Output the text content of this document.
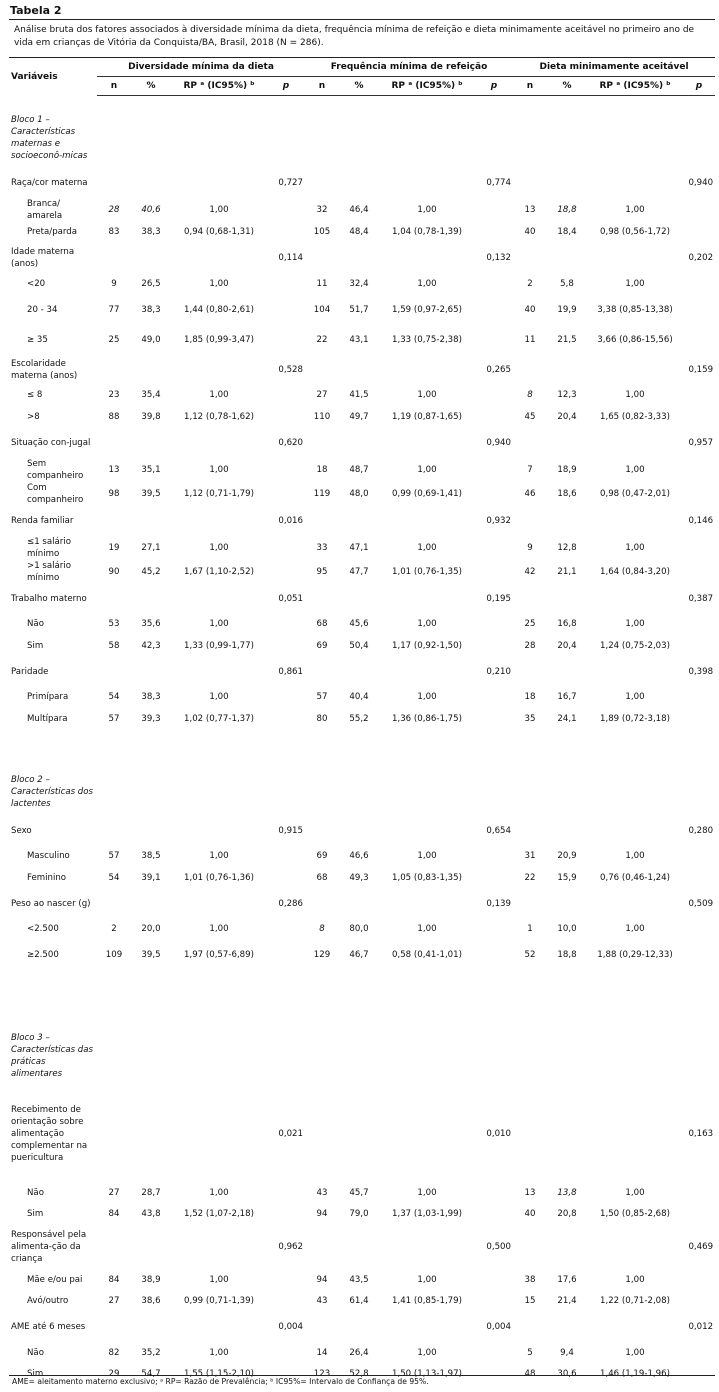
Tabela 2
Análise bruta dos fatores associados à diversidade mínima da dieta, frequência mínima de refeição e dieta minimamente aceitável no primeiro ano de vida em crianças de Vitória da Conquista/BA, Brasil, 2018 (N = 286).
Variáveis	Diversidade mínima da dieta				Frequência mínima de refeição				Dieta minimamente aceitável			
	n	%	RP ᵃ (IC95%) ᵇ	p	n	%	RP ᵃ (IC95%) ᵇ	p	n	%	RP ᵃ (IC95%) ᵇ	p
Bloco 1 – Características maternas e socioeconô-micas												
Raça/cor materna				0,727				0,774				0,940
Branca/ amarela	28	40,6	1,00		32	46,4	1,00		13	18,8	1,00	
Preta/parda	83	38,3	0,94 (0,68-1,31)		105	48,4	1,04 (0,78-1,39)		40	18,4	0,98 (0,56-1,72)	
Idade materna (anos)				0,114				0,132				0,202
<20	9	26,5	1,00		11	32,4	1,00		2	5,8	1,00	
20 - 34	77	38,3	1,44 (0,80-2,61)		104	51,7	1,59 (0,97-2,65)		40	19,9	3,38 (0,85-13,38)	
≥ 35	25	49,0	1,85 (0,99-3,47)		22	43,1	1,33 (0,75-2,38)		11	21,5	3,66 (0,86-15,56)	
Escolaridade materna (anos)				0,528				0,265				0,159
≤ 8	23	35,4	1,00		27	41,5	1,00		8	12,3	1,00	
>8	88	39,8	1,12 (0,78-1,62)		110	49,7	1,19 (0,87-1,65)		45	20,4	1,65 (0,82-3,33)	
Situação con-jugal				0,620				0,940				0,957
Sem companheiro	13	35,1	1,00		18	48,7	1,00		7	18,9	1,00	
Com companheiro	98	39,5	1,12 (0,71-1,79)		119	48,0	0,99 (0,69-1,41)		46	18,6	0,98 (0,47-2,01)	
Renda familiar				0,016				0,932				0,146
≤1 salário mínimo	19	27,1	1,00		33	47,1	1,00		9	12,8	1,00	
>1 salário mínimo	90	45,2	1,67 (1,10-2,52)		95	47,7	1,01 (0,76-1,35)		42	21,1	1,64 (0,84-3,20)	
Trabalho materno				0,051				0,195				0,387
Não	53	35,6	1,00		68	45,6	1,00		25	16,8	1,00	
Sim	58	42,3	1,33 (0,99-1,77)		69	50,4	1,17 (0,92-1,50)		28	20,4	1,24 (0,75-2,03)	
Paridade				0,861				0,210				0,398
Primípara	54	38,3	1,00		57	40,4	1,00		18	16,7	1,00	
Multípara	57	39,3	1,02 (0,77-1,37)		80	55,2	1,36 (0,86-1,75)		35	24,1	1,89 (0,72-3,18)	
Bloco 2 – Características dos lactentes												
Sexo				0,915				0,654				0,280
Masculino	57	38,5	1,00		69	46,6	1,00		31	20,9	1,00	
Feminino	54	39,1	1,01 (0,76-1,36)		68	49,3	1,05 (0,83-1,35)		22	15,9	0,76 (0,46-1,24)	
Peso ao nascer (g)				0,286				0,139				0,509
<2.500	2	20,0	1,00		8	80,0	1,00		1	10,0	1,00	
≥2.500	109	39,5	1,97 (0,57-6,89)		129	46,7	0,58 (0,41-1,01)		52	18,8	1,88 (0,29-12,33)	
Bloco 3 – Características das práticas alimentares												
Recebimento de orientação sobre alimentação complementar na puericultura				0,021				0,010				0,163
Não	27	28,7	1,00		43	45,7	1,00		13	13,8	1,00	
Sim	84	43,8	1,52 (1,07-2,18)		94	79,0	1,37 (1,03-1,99)		40	20,8	1,50 (0,85-2,68)	
Responsável pela alimenta-ção da criança				0,962				0,500				0,469
Mãe e/ou pai	84	38,9	1,00		94	43,5	1,00		38	17,6	1,00	
Avó/outro	27	38,6	0,99 (0,71-1,39)		43	61,4	1,41 (0,85-1,79)		15	21,4	1,22 (0,71-2,08)	
AME até 6 meses				0,004				0,004				0,012
Não	82	35,2	1,00		14	26,4	1,00		5	9,4	1,00	
Sim	29	54,7	1,55 (1,15-2,10)		123	52,8	1,50 (1,13-1,97)		48	30,6	1,46 (1,19-1,96)	
AME= aleitamento materno exclusivo; ᵃ RP= Razão de Prevalência; ᵇ IC95%= Intervalo de Confiança de 95%.
